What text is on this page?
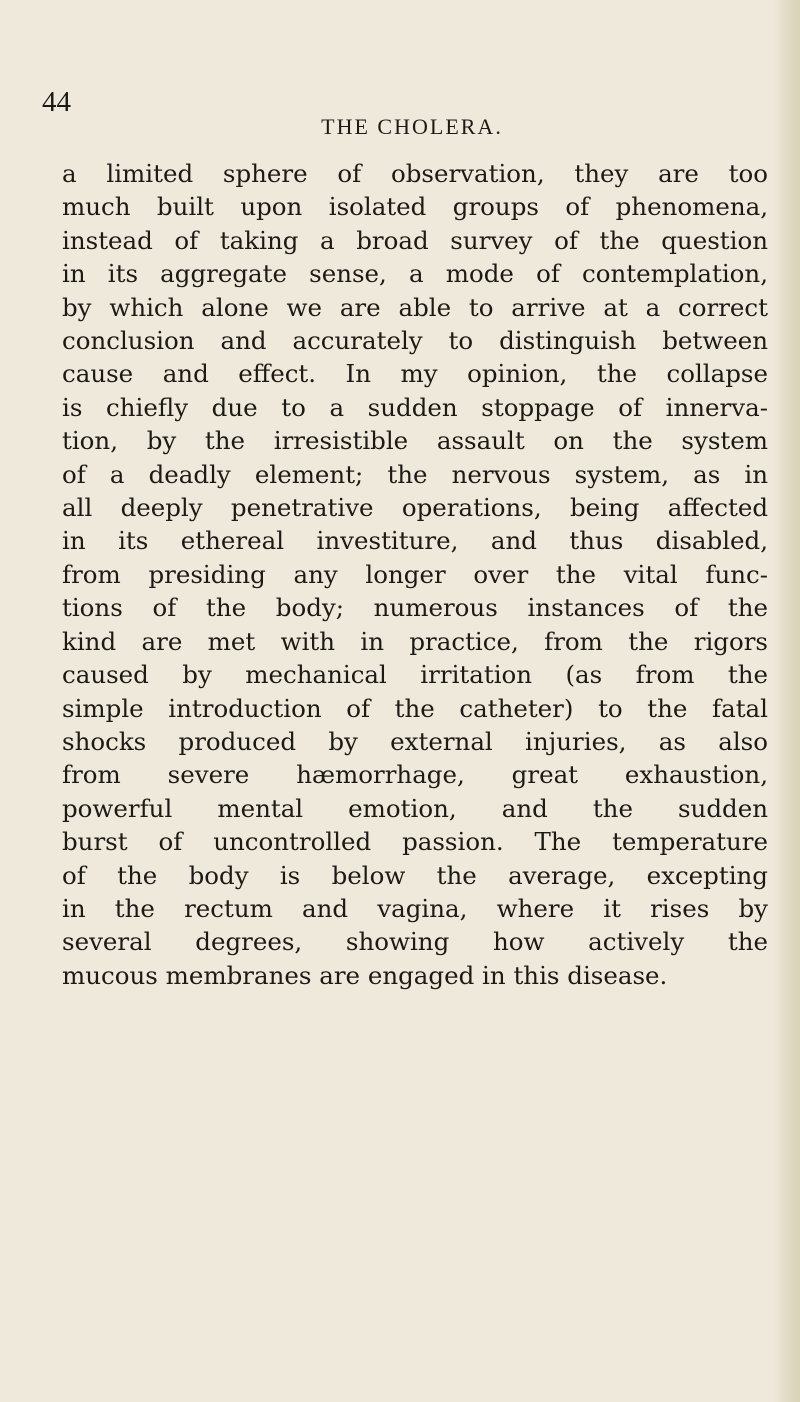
44
THE CHOLERA.
a limited sphere of observation, they are too
much built upon isolated groups of phenomena,
instead of taking a broad survey of the question
in its aggregate sense, a mode of contemplation,
by which alone we are able to arrive at a correct
conclusion and accurately to distinguish between
cause and effect. In my opinion, the collapse
is chiefly due to a sudden stoppage of innerva-
tion, by the irresistible assault on the system
of a deadly element; the nervous system, as in
all deeply penetrative operations, being affected
in its ethereal investiture, and thus disabled,
from presiding any longer over the vital func-
tions of the body; numerous instances of the
kind are met with in practice, from the rigors
caused by mechanical irritation (as from the
simple introduction of the catheter) to the fatal
shocks produced by external injuries, as also
from severe hæmorrhage, great exhaustion,
powerful mental emotion, and the sudden
burst of uncontrolled passion. The temperature
of the body is below the average, excepting
in the rectum and vagina, where it rises by
several degrees, showing how actively the
mucous membranes are engaged in this disease.
